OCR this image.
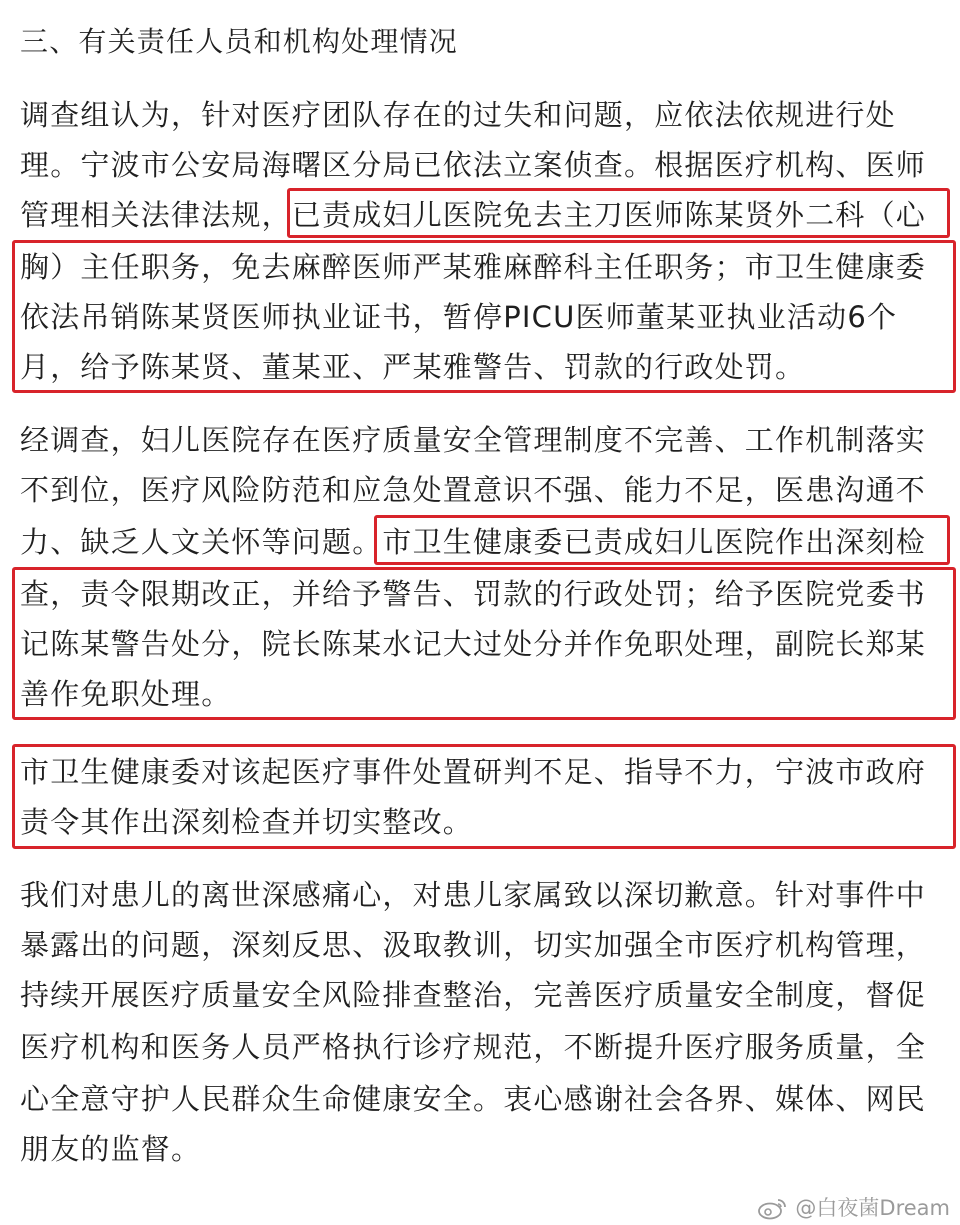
三、有关责任人员和机构处理情况

调查组认为，针对医疗团队存在的过失和问题，应依法依规进行处

理。宁波市公安局海曙区分局已依法立案侦查。根据医疗机构、医师

管理相关法律法规，已责成妇儿医院免去主刀医师陈某贤外二科（心

胸）主任职务，免去麻醉医师严某雅麻醉科主任职务；市卫生健康委

依法吊销陈某贤医师执业证书，暂停PICU医师董某亚执业活动6个

月，给予陈某贤、董某亚、严某雅警告、罚款的行政处罚。

经调查，妇儿医院存在医疗质量安全管理制度不完善、工作机制落实

不到位，医疗风险防范和应急处置意识不强、能力不足，医患沟通不

力、缺乏人文关怀等问题。市卫生健康委已责成妇儿医院作出深刻检

查，责令限期改正，并给予警告、罚款的行政处罚；给予医院党委书

记陈某警告处分，院长陈某水记大过处分并作免职处理，副院长郑某

善作免职处理。

市卫生健康委对该起医疗事件处置研判不足、指导不力，宁波市政府

责令其作出深刻检查并切实整改。

我们对患儿的离世深感痛心，对患儿家属致以深切歉意。针对事件中

暴露出的问题，深刻反思、汲取教训，切实加强全市医疗机构管理，

持续开展医疗质量安全风险排查整治，完善医疗质量安全制度，督促

医疗机构和医务人员严格执行诊疗规范，不断提升医疗服务质量，全

心全意守护人民群众生命健康安全。衷心感谢社会各界、媒体、网民

朋友的监督。

@白夜菌Dream
